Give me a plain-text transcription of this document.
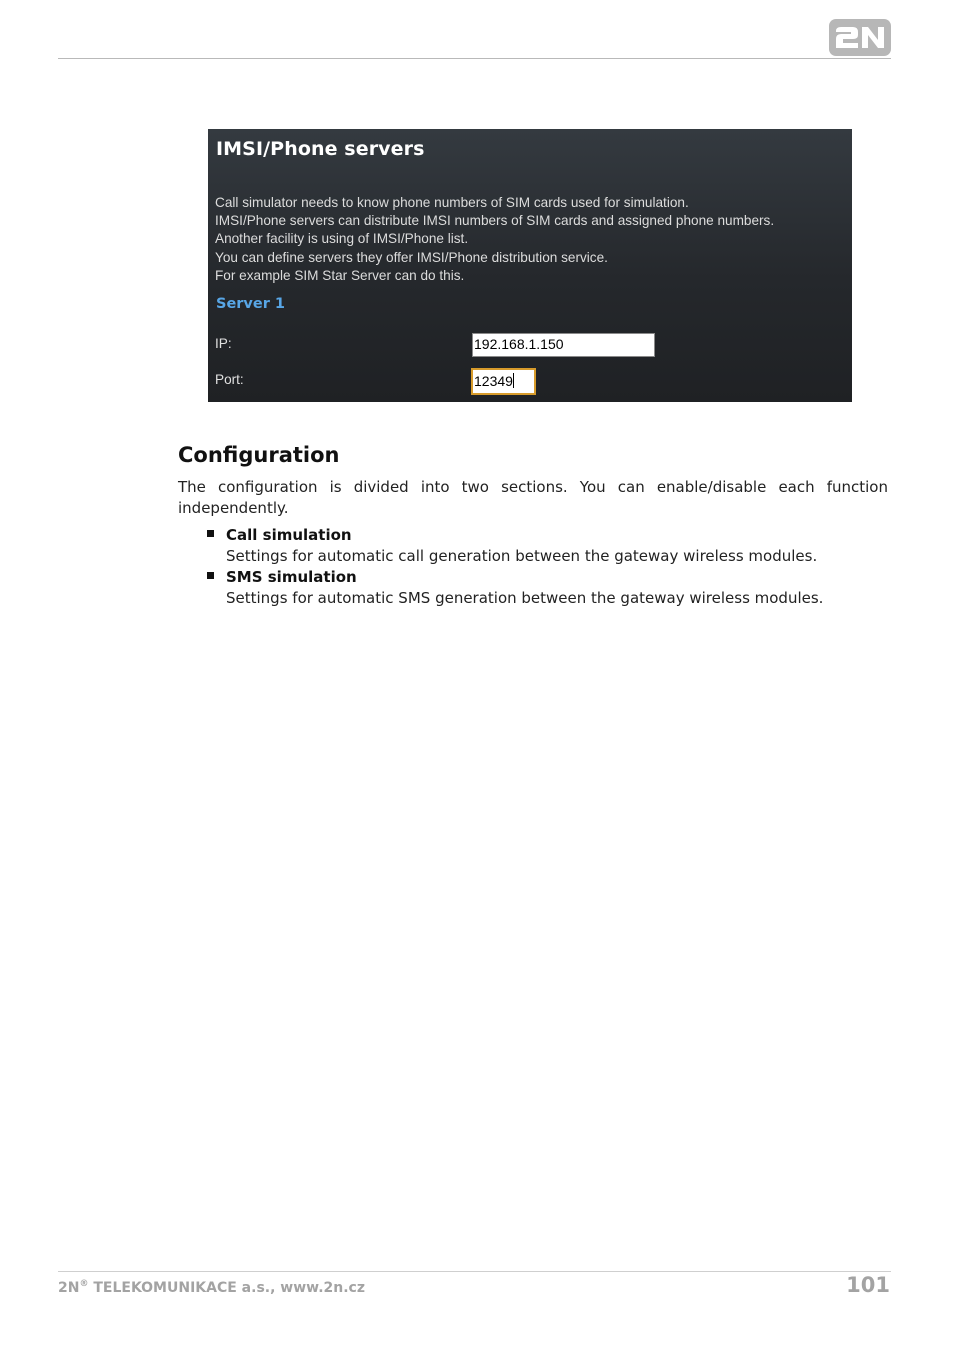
IMSI/Phone servers
Call simulator needs to know phone numbers of SIM cards used for simulation.
IMSI/Phone servers can distribute IMSI numbers of SIM cards and assigned phone numbers.
Another facility is using of IMSI/Phone list.
You can define servers they offer IMSI/Phone distribution service.
For example SIM Star Server can do this.
Server 1
IP:	192.168.1.150
Port:	12349
Configuration
The configuration is divided into two sections. You can enable/disable each function
independently.
Call simulation
Settings for automatic call generation between the gateway wireless modules.
SMS simulation
Settings for automatic SMS generation between the gateway wireless modules.
2N® TELEKOMUNIKACE a.s., www.2n.cz	101
